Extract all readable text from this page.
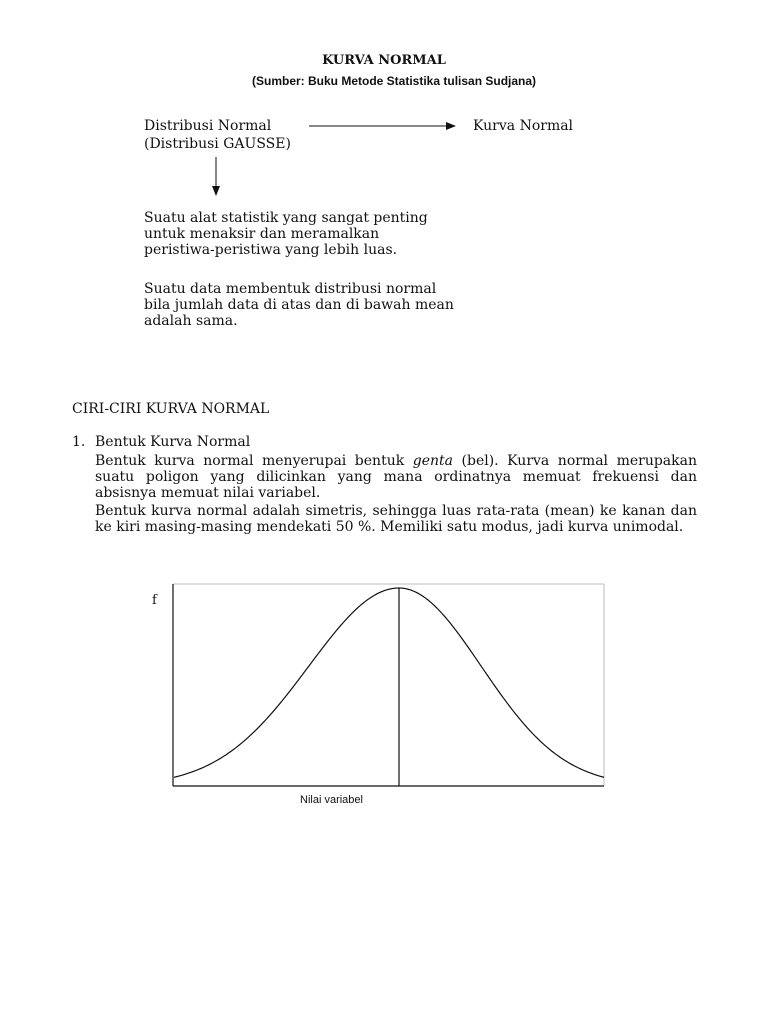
KURVA NORMAL
(Sumber: Buku Metode Statistika tulisan Sudjana)
Distribusi Normal
(Distribusi GAUSSE)
Kurva Normal
Suatu alat statistik yang sangat penting
untuk menaksir dan meramalkan
peristiwa-peristiwa yang lebih luas.
Suatu data membentuk distribusi normal
bila jumlah data di atas dan di bawah mean
adalah sama.
CIRI-CIRI KURVA NORMAL
1. Bentuk Kurva Normal
Bentuk kurva normal menyerupai bentuk genta (bel). Kurva normal merupakan suatu poligon yang dilicinkan yang mana ordinatnya memuat frekuensi dan absisnya memuat nilai variabel.
Bentuk kurva normal adalah simetris, sehingga luas rata-rata (mean) ke kanan dan ke kiri masing-masing mendekati 50 %. Memiliki satu modus, jadi kurva unimodal.
f
Nilai variabel
